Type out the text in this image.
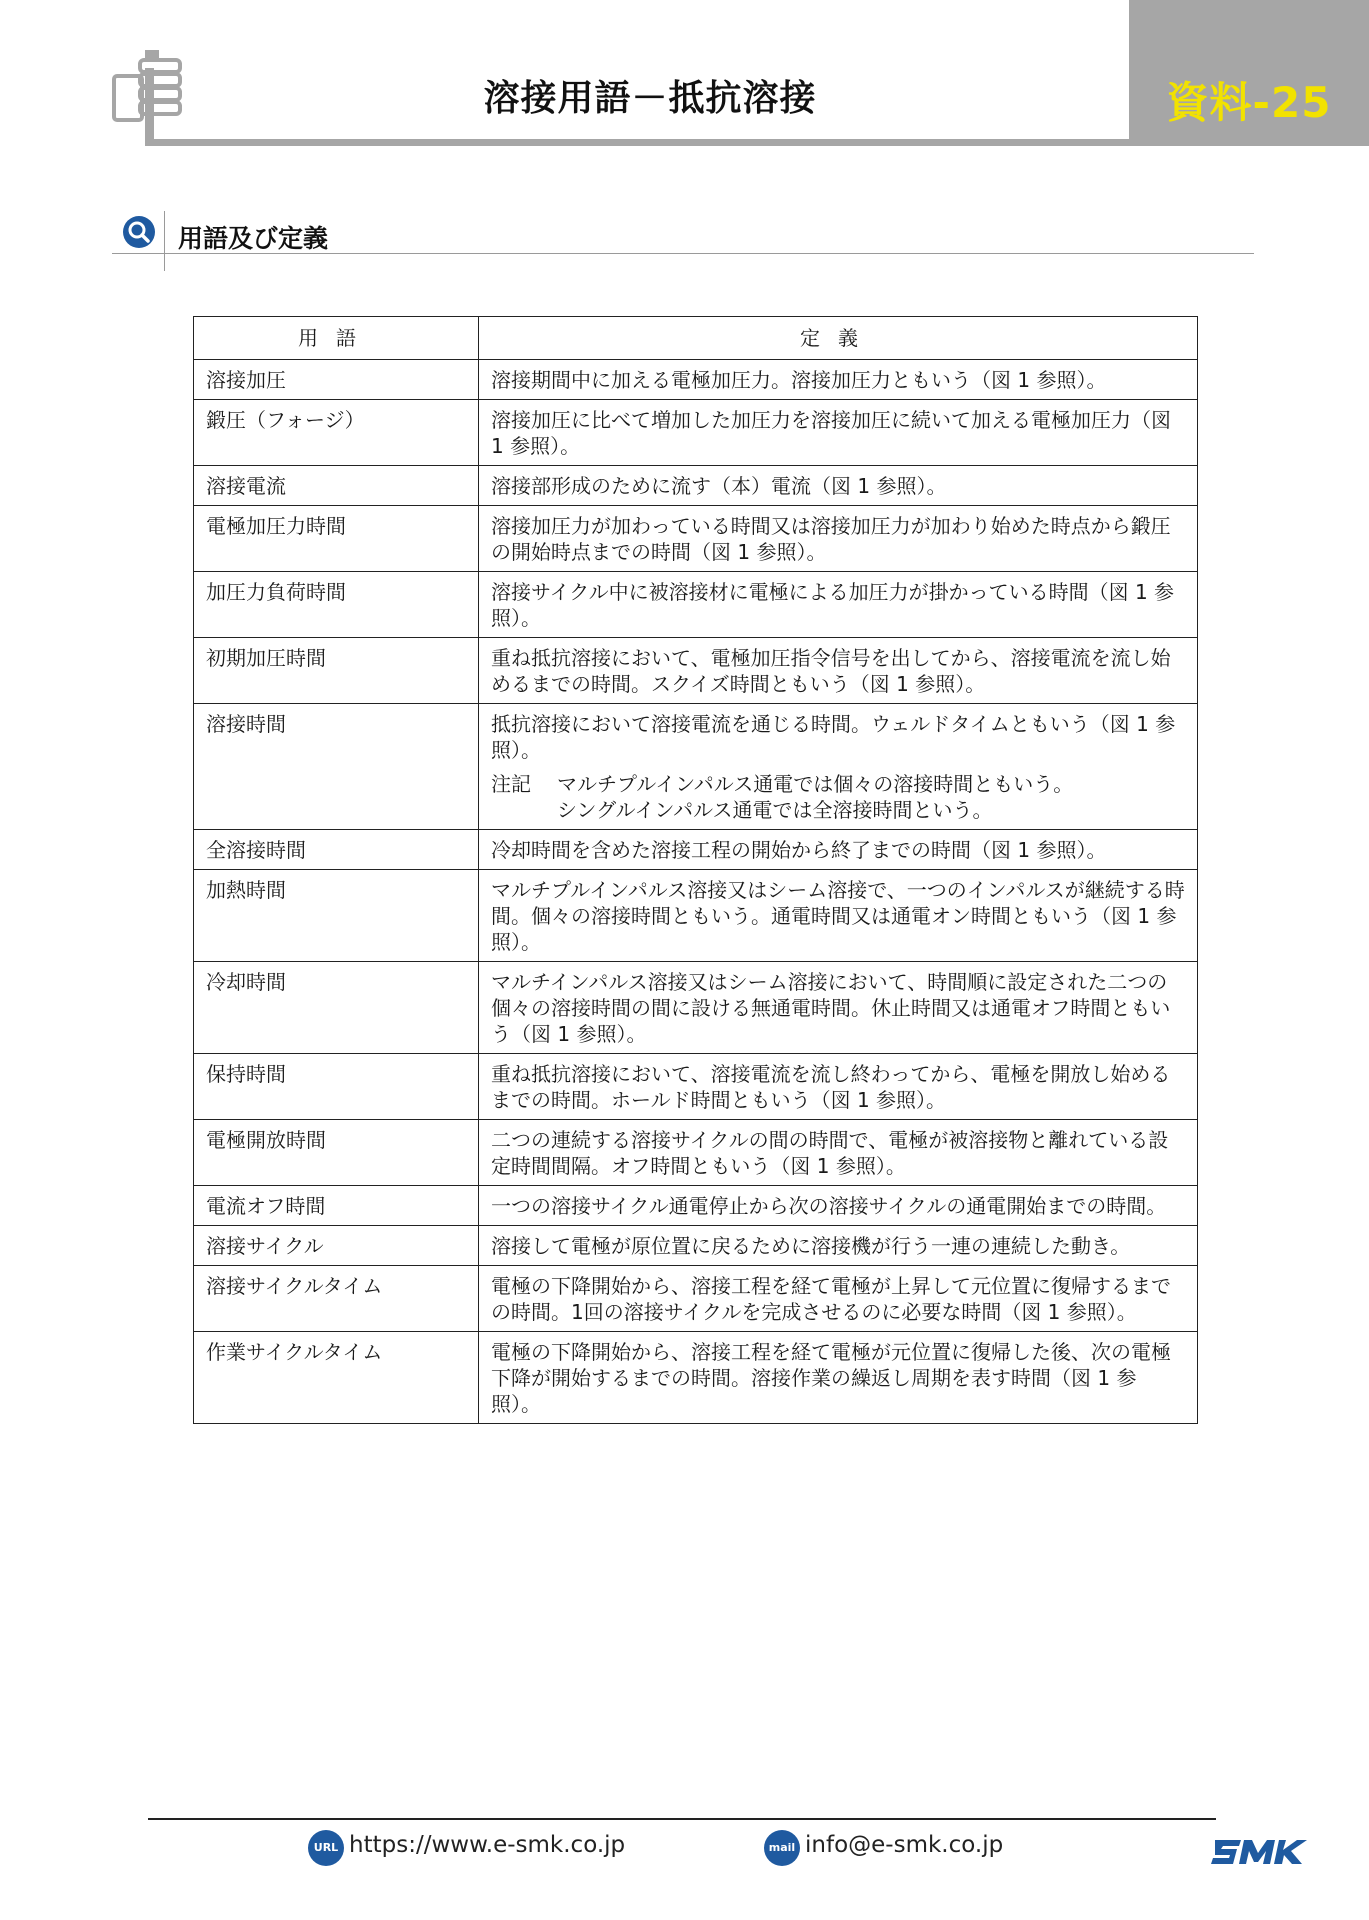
溶接用語－抵抗溶接	資料-25
用語及び定義
用語	定義
溶接加圧	溶接期間中に加える電極加圧力。溶接加圧力ともいう（図 1 参照）。
鍛圧（フォージ）	溶接加圧に比べて増加した加圧力を溶接加圧に続いて加える電極加圧力（図 1 参照）。
溶接電流	溶接部形成のために流す（本）電流（図 1 参照）。
電極加圧力時間	溶接加圧力が加わっている時間又は溶接加圧力が加わり始めた時点から鍛圧の開始時点までの時間（図 1 参照）。
加圧力負荷時間	溶接サイクル中に被溶接材に電極による加圧力が掛かっている時間（図 1 参照）。
初期加圧時間	重ね抵抗溶接において、電極加圧指令信号を出してから、溶接電流を流し始めるまでの時間。スクイズ時間ともいう（図 1 参照）。
溶接時間	抵抗溶接において溶接電流を通じる時間。ウェルドタイムともいう（図 1 参照）。
注記 マルチプルインパルス通電では個々の溶接時間ともいう。
シングルインパルス通電では全溶接時間という。

全溶接時間	冷却時間を含めた溶接工程の開始から終了までの時間（図 1 参照）。
加熱時間	マルチプルインパルス溶接又はシーム溶接で、一つのインパルスが継続する時間。個々の溶接時間ともいう。通電時間又は通電オン時間ともいう（図 1 参照）。
冷却時間	マルチインパルス溶接又はシーム溶接において、時間順に設定された二つの個々の溶接時間の間に設ける無通電時間。休止時間又は通電オフ時間ともいう（図 1 参照）。
保持時間	重ね抵抗溶接において、溶接電流を流し終わってから、電極を開放し始めるまでの時間。ホールド時間ともいう（図 1 参照）。
電極開放時間	二つの連続する溶接サイクルの間の時間で、電極が被溶接物と離れている設定時間間隔。オフ時間ともいう（図 1 参照）。
電流オフ時間	一つの溶接サイクル通電停止から次の溶接サイクルの通電開始までの時間。
溶接サイクル	溶接して電極が原位置に戻るために溶接機が行う一連の連続した動き。
溶接サイクルタイム	電極の下降開始から、溶接工程を経て電極が上昇して元位置に復帰するまでの時間。1回の溶接サイクルを完成させるのに必要な時間（図 1 参照）。
作業サイクルタイム	電極の下降開始から、溶接工程を経て電極が元位置に復帰した後、次の電極下降が開始するまでの時間。溶接作業の繰返し周期を表す時間（図 1 参照）。
URL https://www.e-smk.co.jp	mail info@e-smk.co.jp
